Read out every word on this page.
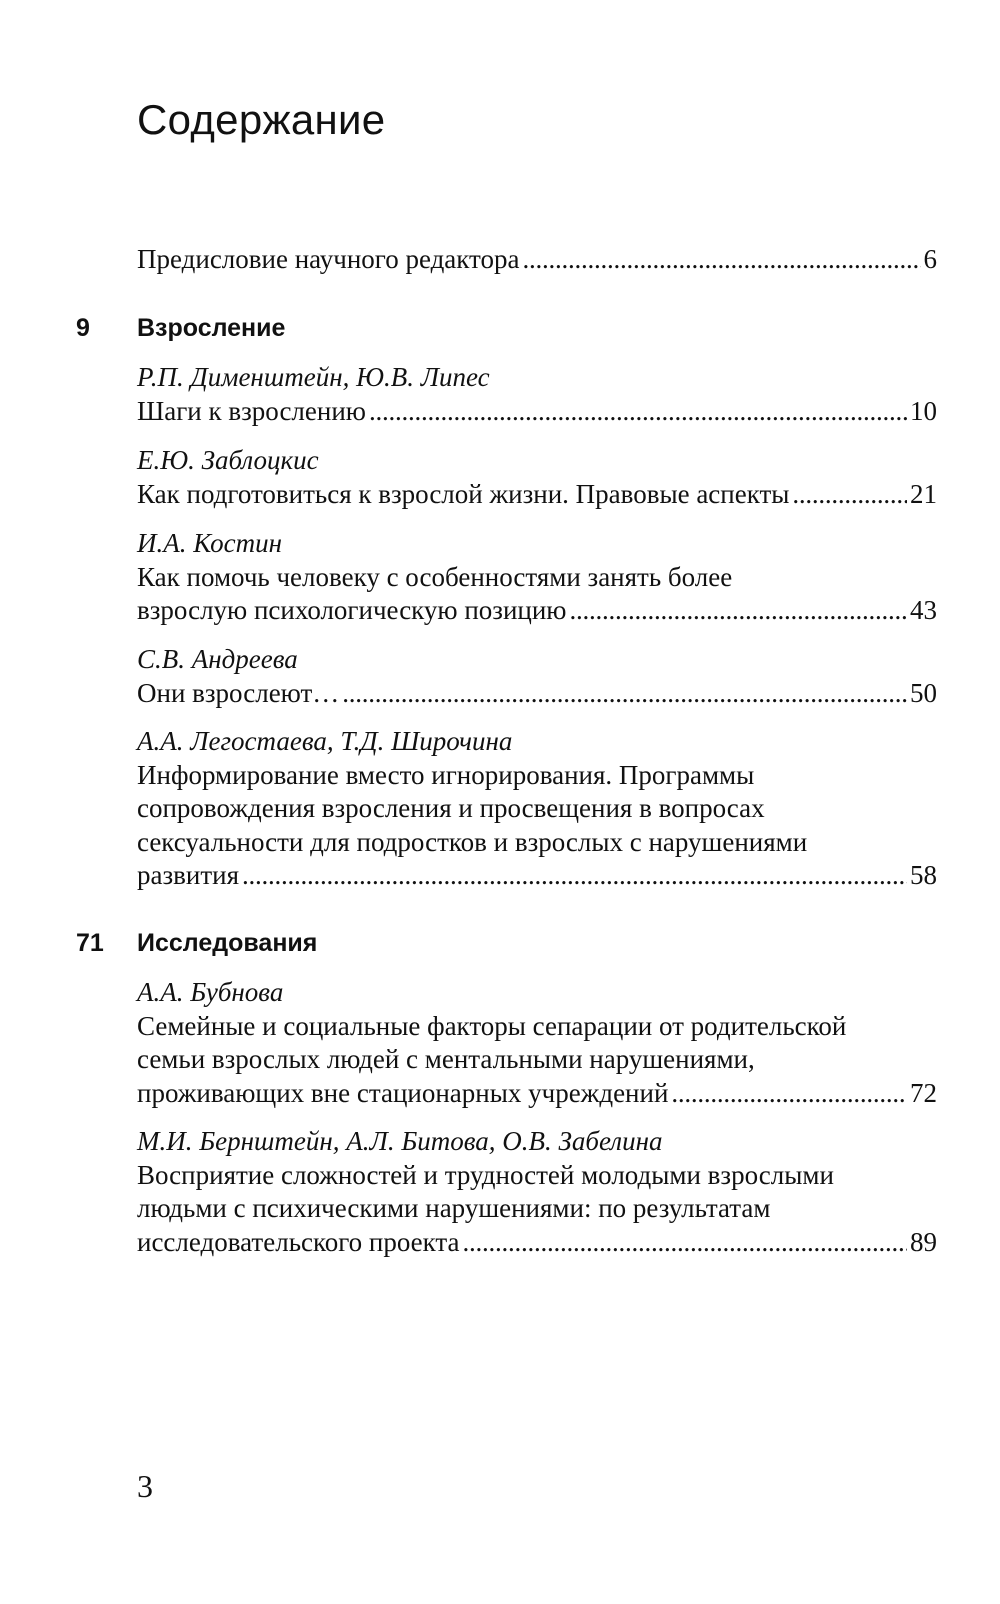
Содержание
Предисловие научного редактора . . .	6
9	Взросление
Р.П. Дименштейн, Ю.В. Липес
Шаги к взрослению . . .	10
Е.Ю. Заблоцкис
Как подготовиться к взрослой жизни. Правовые аспекты . . .	21
И.А. Костин
Как помочь человеку с особенностями занять более
взрослую психологическую позицию . . .	43
С.В. Андреева
Они взрослеют… . . .	50
А.А. Легостаева, Т.Д. Широчина
Информирование вместо игнорирования. Программы
сопровождения взросления и просвещения в вопросах
сексуальности для подростков и взрослых с нарушениями
развития . . .	58
71	Исследования
А.А. Бубнова
Семейные и социальные факторы сепарации от родительской
семьи взрослых людей с ментальными нарушениями,
проживающих вне стационарных учреждений . . .	72
М.И. Бернштейн, А.Л. Битова, О.В. Забелина
Восприятие сложностей и трудностей молодыми взрослыми
людьми с психическими нарушениями: по результатам
исследовательского проекта . . .	89
3
